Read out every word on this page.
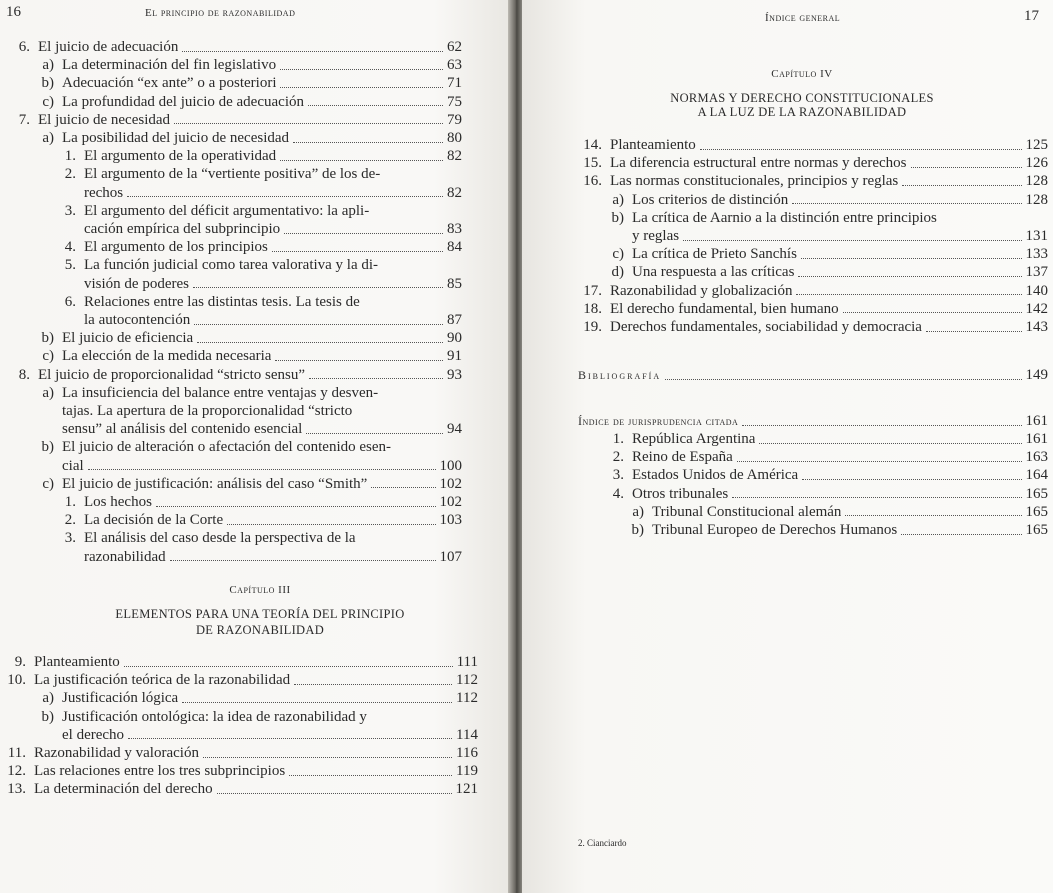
16	El principio de razonabilidad
6. El juicio de adecuación	62
a) La determinación del fin legislativo	63
b) Adecuación “ex ante” o a posteriori	71
c) La profundidad del juicio de adecuación	75
7. El juicio de necesidad	79
a) La posibilidad del juicio de necesidad	80
1. El argumento de la operatividad	82
2. El argumento de la “vertiente positiva” de los de-
rechos	82
3. El argumento del déficit argumentativo: la apli-
cación empírica del subprincipio	83
4. El argumento de los principios	84
5. La función judicial como tarea valorativa y la di-
visión de poderes	85
6. Relaciones entre las distintas tesis. La tesis de
la autocontención	87
b) El juicio de eficiencia	90
c) La elección de la medida necesaria	91
8. El juicio de proporcionalidad “stricto sensu”	93
a) La insuficiencia del balance entre ventajas y desven-
tajas. La apertura de la proporcionalidad “stricto
sensu” al análisis del contenido esencial	94
b) El juicio de alteración o afectación del contenido esen-
cial	100
c) El juicio de justificación: análisis del caso “Smith”	102
1. Los hechos	102
2. La decisión de la Corte	103
3. El análisis del caso desde la perspectiva de la
razonabilidad	107
Capítulo III
ELEMENTOS PARA UNA TEORÍA DEL PRINCIPIO
DE RAZONABILIDAD
9. Planteamiento	111
10. La justificación teórica de la razonabilidad	112
a) Justificación lógica	112
b) Justificación ontológica: la idea de razonabilidad y
el derecho	114
11. Razonabilidad y valoración	116
12. Las relaciones entre los tres subprincipios	119
13. La determinación del derecho	121
Índice general	17
Capítulo IV
NORMAS Y DERECHO CONSTITUCIONALES
A LA LUZ DE LA RAZONABILIDAD
14. Planteamiento	125
15. La diferencia estructural entre normas y derechos	126
16. Las normas constitucionales, principios y reglas	128
a) Los criterios de distinción	128
b) La crítica de Aarnio a la distinción entre principios
y reglas	131
c) La crítica de Prieto Sanchís	133
d) Una respuesta a las críticas	137
17. Razonabilidad y globalización	140
18. El derecho fundamental, bien humano	142
19. Derechos fundamentales, sociabilidad y democracia	143
Bibliografía	149
Índice de jurisprudencia citada	161
1. República Argentina	161
2. Reino de España	163
3. Estados Unidos de América	164
4. Otros tribunales	165
a) Tribunal Constitucional alemán	165
b) Tribunal Europeo de Derechos Humanos	165
2. Cianciardo
